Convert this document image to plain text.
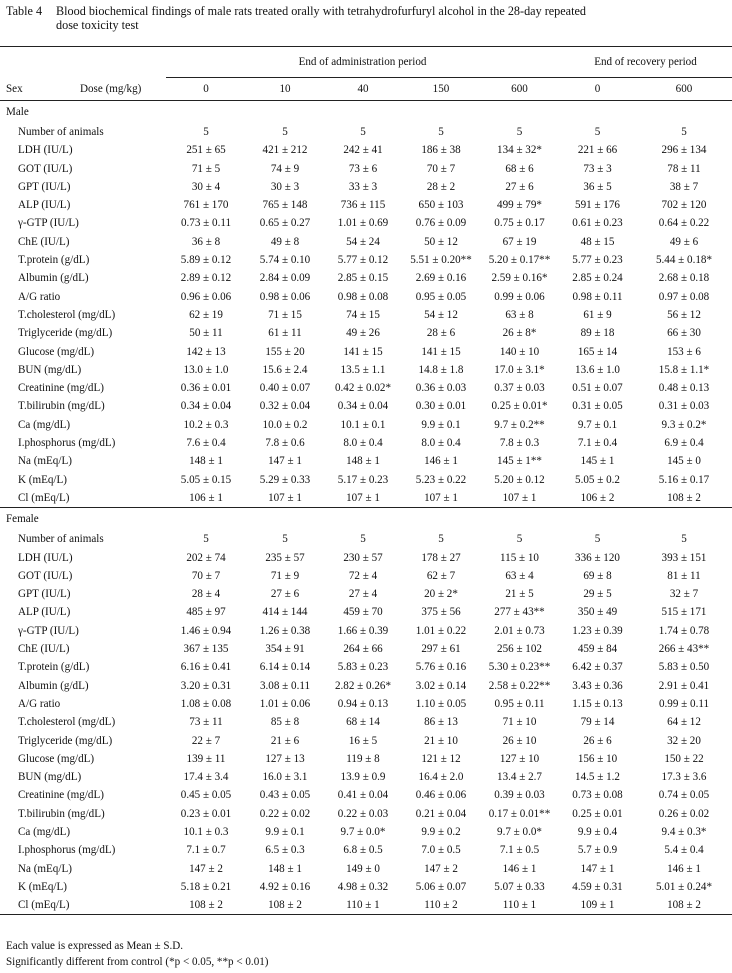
Table 4 Blood biochemical findings of male rats treated orally with tetrahydrofurfuryl alcohol in the 28-day repeated
dose toxicity test

		End of administration period					End of recovery period	
Sex	Dose (mg/kg)	0	10	40	150	600	0	600
Male								
Number of animals		5	5	5	5	5	5	5
LDH (IU/L)		251 ± 65	421 ± 212	242 ± 41	186 ± 38	134 ± 32*	221 ± 66	296 ± 134
GOT (IU/L)		71 ± 5	74 ± 9	73 ± 6	70 ± 7	68 ± 6	73 ± 3	78 ± 11
GPT (IU/L)		30 ± 4	30 ± 3	33 ± 3	28 ± 2	27 ± 6	36 ± 5	38 ± 7
ALP (IU/L)		761 ± 170	765 ± 148	736 ± 115	650 ± 103	499 ± 79*	591 ± 176	702 ± 120
γ-GTP (IU/L)		0.73 ± 0.11	0.65 ± 0.27	1.01 ± 0.69	0.76 ± 0.09	0.75 ± 0.17	0.61 ± 0.23	0.64 ± 0.22
ChE (IU/L)		36 ± 8	49 ± 8	54 ± 24	50 ± 12	67 ± 19	48 ± 15	49 ± 6
T.protein (g/dL)		5.89 ± 0.12	5.74 ± 0.10	5.77 ± 0.12	5.51 ± 0.20**	5.20 ± 0.17**	5.77 ± 0.23	5.44 ± 0.18*
Albumin (g/dL)		2.89 ± 0.12	2.84 ± 0.09	2.85 ± 0.15	2.69 ± 0.16	2.59 ± 0.16*	2.85 ± 0.24	2.68 ± 0.18
A/G ratio		0.96 ± 0.06	0.98 ± 0.06	0.98 ± 0.08	0.95 ± 0.05	0.99 ± 0.06	0.98 ± 0.11	0.97 ± 0.08
T.cholesterol (mg/dL)		62 ± 19	71 ± 15	74 ± 15	54 ± 12	63 ± 8	61 ± 9	56 ± 12
Triglyceride (mg/dL)		50 ± 11	61 ± 11	49 ± 26	28 ± 6	26 ± 8*	89 ± 18	66 ± 30
Glucose (mg/dL)		142 ± 13	155 ± 20	141 ± 15	141 ± 15	140 ± 10	165 ± 14	153 ± 6
BUN (mg/dL)		13.0 ± 1.0	15.6 ± 2.4	13.5 ± 1.1	14.8 ± 1.8	17.0 ± 3.1*	13.6 ± 1.0	15.8 ± 1.1*
Creatinine (mg/dL)		0.36 ± 0.01	0.40 ± 0.07	0.42 ± 0.02*	0.36 ± 0.03	0.37 ± 0.03	0.51 ± 0.07	0.48 ± 0.13
T.bilirubin (mg/dL)		0.34 ± 0.04	0.32 ± 0.04	0.34 ± 0.04	0.30 ± 0.01	0.25 ± 0.01*	0.31 ± 0.05	0.31 ± 0.03
Ca (mg/dL)		10.2 ± 0.3	10.0 ± 0.2	10.1 ± 0.1	9.9 ± 0.1	9.7 ± 0.2**	9.7 ± 0.1	9.3 ± 0.2*
I.phosphorus (mg/dL)		7.6 ± 0.4	7.8 ± 0.6	8.0 ± 0.4	8.0 ± 0.4	7.8 ± 0.3	7.1 ± 0.4	6.9 ± 0.4
Na (mEq/L)		148 ± 1	147 ± 1	148 ± 1	146 ± 1	145 ± 1**	145 ± 1	145 ± 0
K (mEq/L)		5.05 ± 0.15	5.29 ± 0.33	5.17 ± 0.23	5.23 ± 0.22	5.20 ± 0.12	5.05 ± 0.2	5.16 ± 0.17
Cl (mEq/L)		106 ± 1	107 ± 1	107 ± 1	107 ± 1	107 ± 1	106 ± 2	108 ± 2

Female								
Number of animals		5	5	5	5	5	5	5
LDH (IU/L)		202 ± 74	235 ± 57	230 ± 57	178 ± 27	115 ± 10	336 ± 120	393 ± 151
GOT (IU/L)		70 ± 7	71 ± 9	72 ± 4	62 ± 7	63 ± 4	69 ± 8	81 ± 11
GPT (IU/L)		28 ± 4	27 ± 6	27 ± 4	20 ± 2*	21 ± 5	29 ± 5	32 ± 7
ALP (IU/L)		485 ± 97	414 ± 144	459 ± 70	375 ± 56	277 ± 43**	350 ± 49	515 ± 171
γ-GTP (IU/L)		1.46 ± 0.94	1.26 ± 0.38	1.66 ± 0.39	1.01 ± 0.22	2.01 ± 0.73	1.23 ± 0.39	1.74 ± 0.78
ChE (IU/L)		367 ± 135	354 ± 91	264 ± 66	297 ± 61	256 ± 102	459 ± 84	266 ± 43**
T.protein (g/dL)		6.16 ± 0.41	6.14 ± 0.14	5.83 ± 0.23	5.76 ± 0.16	5.30 ± 0.23**	6.42 ± 0.37	5.83 ± 0.50
Albumin (g/dL)		3.20 ± 0.31	3.08 ± 0.11	2.82 ± 0.26*	3.02 ± 0.14	2.58 ± 0.22**	3.43 ± 0.36	2.91 ± 0.41
A/G ratio		1.08 ± 0.08	1.01 ± 0.06	0.94 ± 0.13	1.10 ± 0.05	0.95 ± 0.11	1.15 ± 0.13	0.99 ± 0.11
T.cholesterol (mg/dL)		73 ± 11	85 ± 8	68 ± 14	86 ± 13	71 ± 10	79 ± 14	64 ± 12
Triglyceride (mg/dL)		22 ± 7	21 ± 6	16 ± 5	21 ± 10	26 ± 10	26 ± 6	32 ± 20
Glucose (mg/dL)		139 ± 11	127 ± 13	119 ± 8	121 ± 12	127 ± 10	156 ± 10	150 ± 22
BUN (mg/dL)		17.4 ± 3.4	16.0 ± 3.1	13.9 ± 0.9	16.4 ± 2.0	13.4 ± 2.7	14.5 ± 1.2	17.3 ± 3.6
Creatinine (mg/dL)		0.45 ± 0.05	0.43 ± 0.05	0.41 ± 0.04	0.46 ± 0.06	0.39 ± 0.03	0.73 ± 0.08	0.74 ± 0.05
T.bilirubin (mg/dL)		0.23 ± 0.01	0.22 ± 0.02	0.22 ± 0.03	0.21 ± 0.04	0.17 ± 0.01**	0.25 ± 0.01	0.26 ± 0.02
Ca (mg/dL)		10.1 ± 0.3	9.9 ± 0.1	9.7 ± 0.0*	9.9 ± 0.2	9.7 ± 0.0*	9.9 ± 0.4	9.4 ± 0.3*
I.phosphorus (mg/dL)		7.1 ± 0.7	6.5 ± 0.3	6.8 ± 0.5	7.0 ± 0.5	7.1 ± 0.5	5.7 ± 0.9	5.4 ± 0.4
Na (mEq/L)		147 ± 2	148 ± 1	149 ± 0	147 ± 2	146 ± 1	147 ± 1	146 ± 1
K (mEq/L)		5.18 ± 0.21	4.92 ± 0.16	4.98 ± 0.32	5.06 ± 0.07	5.07 ± 0.33	4.59 ± 0.31	5.01 ± 0.24*
Cl (mEq/L)		108 ± 2	108 ± 2	110 ± 1	110 ± 2	110 ± 1	109 ± 1	108 ± 2

Each value is expressed as Mean ± S.D.
Significantly different from control (*p < 0.05, **p < 0.01)
